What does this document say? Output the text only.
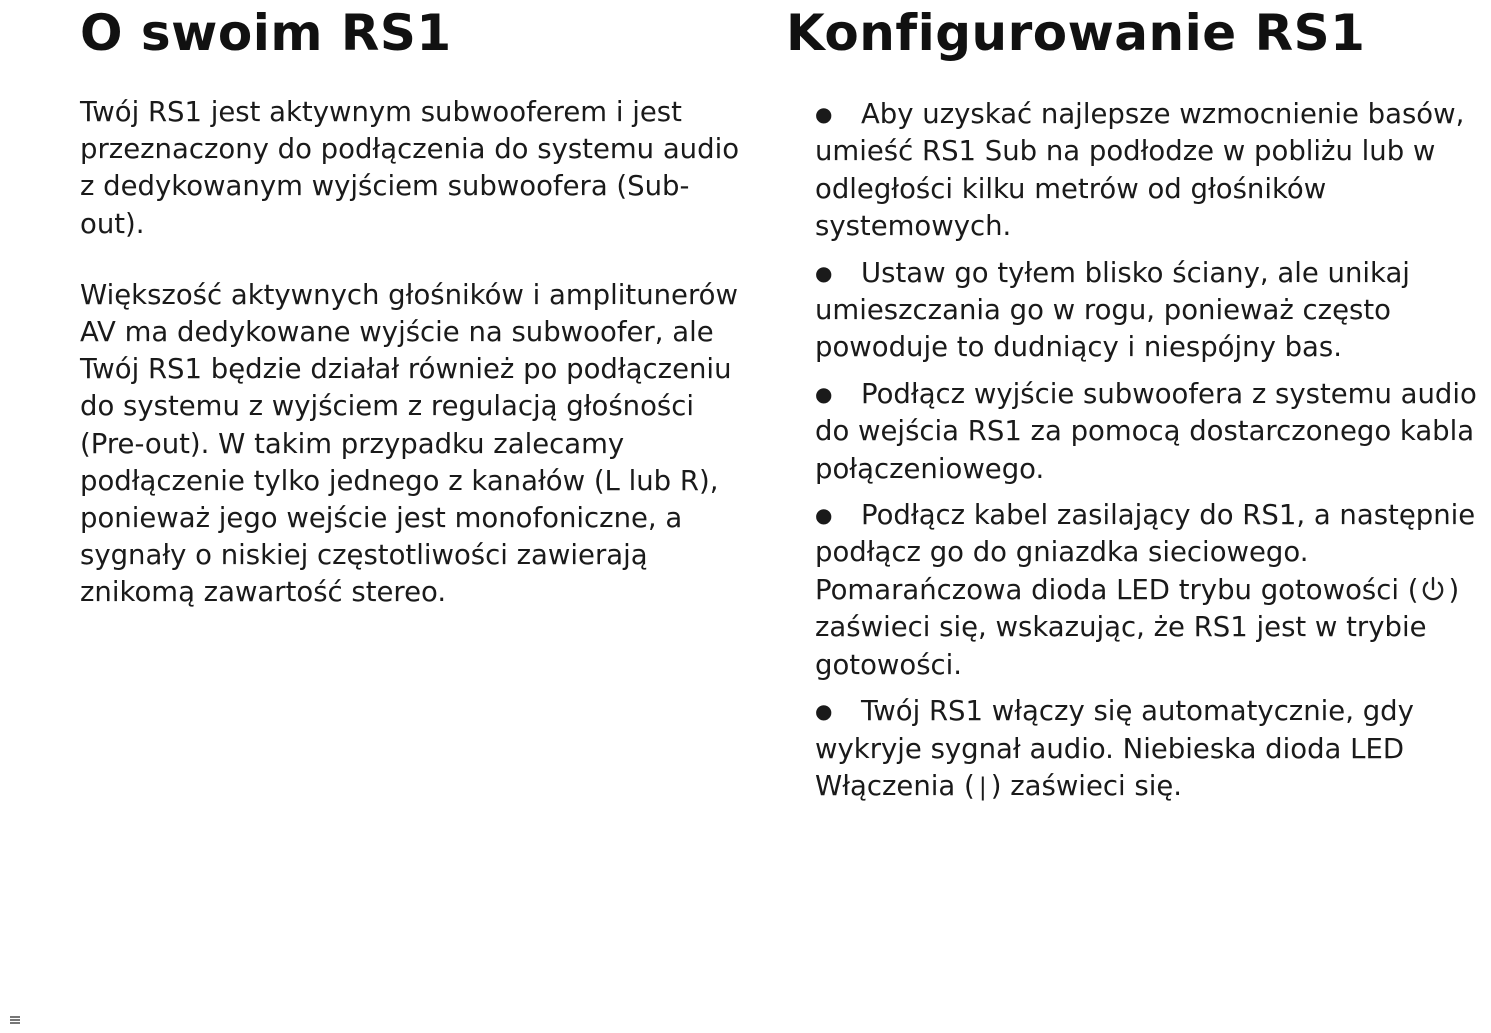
O swoim RS1

Twój RS1 jest aktywnym subwooferem i jest przeznaczony do podłączenia do systemu audio z dedykowanym wyjściem subwoofera (Sub-out).

Większość aktywnych głośników i amplitunerów AV ma dedykowane wyjście na subwoofer, ale Twój RS1 będzie działał również po podłączeniu do systemu z wyjściem z regulacją głośności (Pre-out). W takim przypadku zalecamy podłączenie tylko jednego z kanałów (L lub R), ponieważ jego wejście jest monofoniczne, a sygnały o niskiej częstotliwości zawierają znikomą zawartość stereo.

Konfigurowanie RS1
● Aby uzyskać najlepsze wzmocnienie basów, umieść RS1 Sub na podłodze w pobliżu lub w odległości kilku metrów od głośników systemowych.
● Ustaw go tyłem blisko ściany, ale unikaj umieszczania go w rogu, ponieważ często powoduje to dudniący i niespójny bas.
● Podłącz wyjście subwoofera z systemu audio do wejścia RS1 za pomocą dostarczonego kabla połączeniowego.
● Podłącz kabel zasilający do RS1, a następnie podłącz go do gniazdka sieciowego. Pomarańczowa dioda LED trybu gotowości ( ) zaświeci się, wskazując, że RS1 jest w trybie gotowości.
● Twój RS1 włączy się automatycznie, gdy wykryje sygnał audio. Niebieska dioda LED Włączenia ( | ) zaświeci się.
